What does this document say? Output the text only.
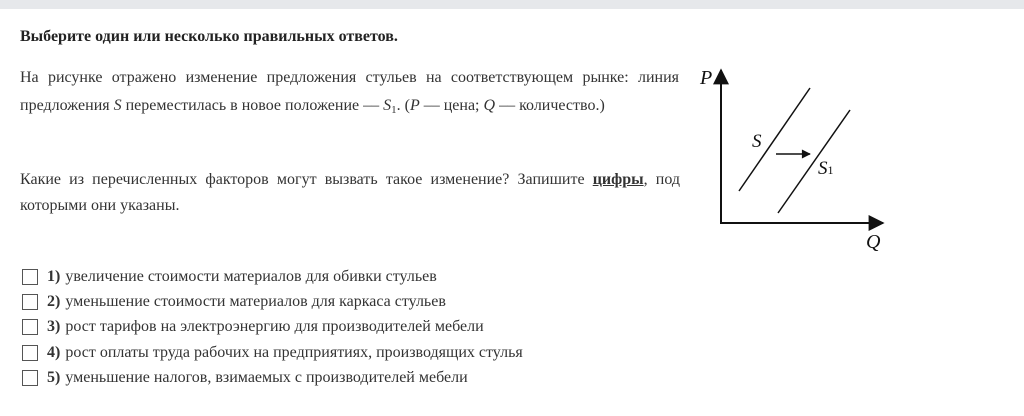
Выберите один или несколько правильных ответов.

На рисунке отражено изменение предложения стульев на соответствующем рынке: линия предложения S переместилась в новое положение –– $S_1$. (P –– цена; Q –– количество.)

Какие из перечисленных факторов могут вызвать такое изменение? Запишите цифры, под которыми они указаны.

P
Q
S
S1
1) увеличение стоимости материалов для обивки стульев
2) уменьшение стоимости материалов для каркаса стульев
3) рост тарифов на электроэнергию для производителей мебели
4) рост оплаты труда рабочих на предприятиях, производящих стулья
5) уменьшение налогов, взимаемых с производителей мебели
